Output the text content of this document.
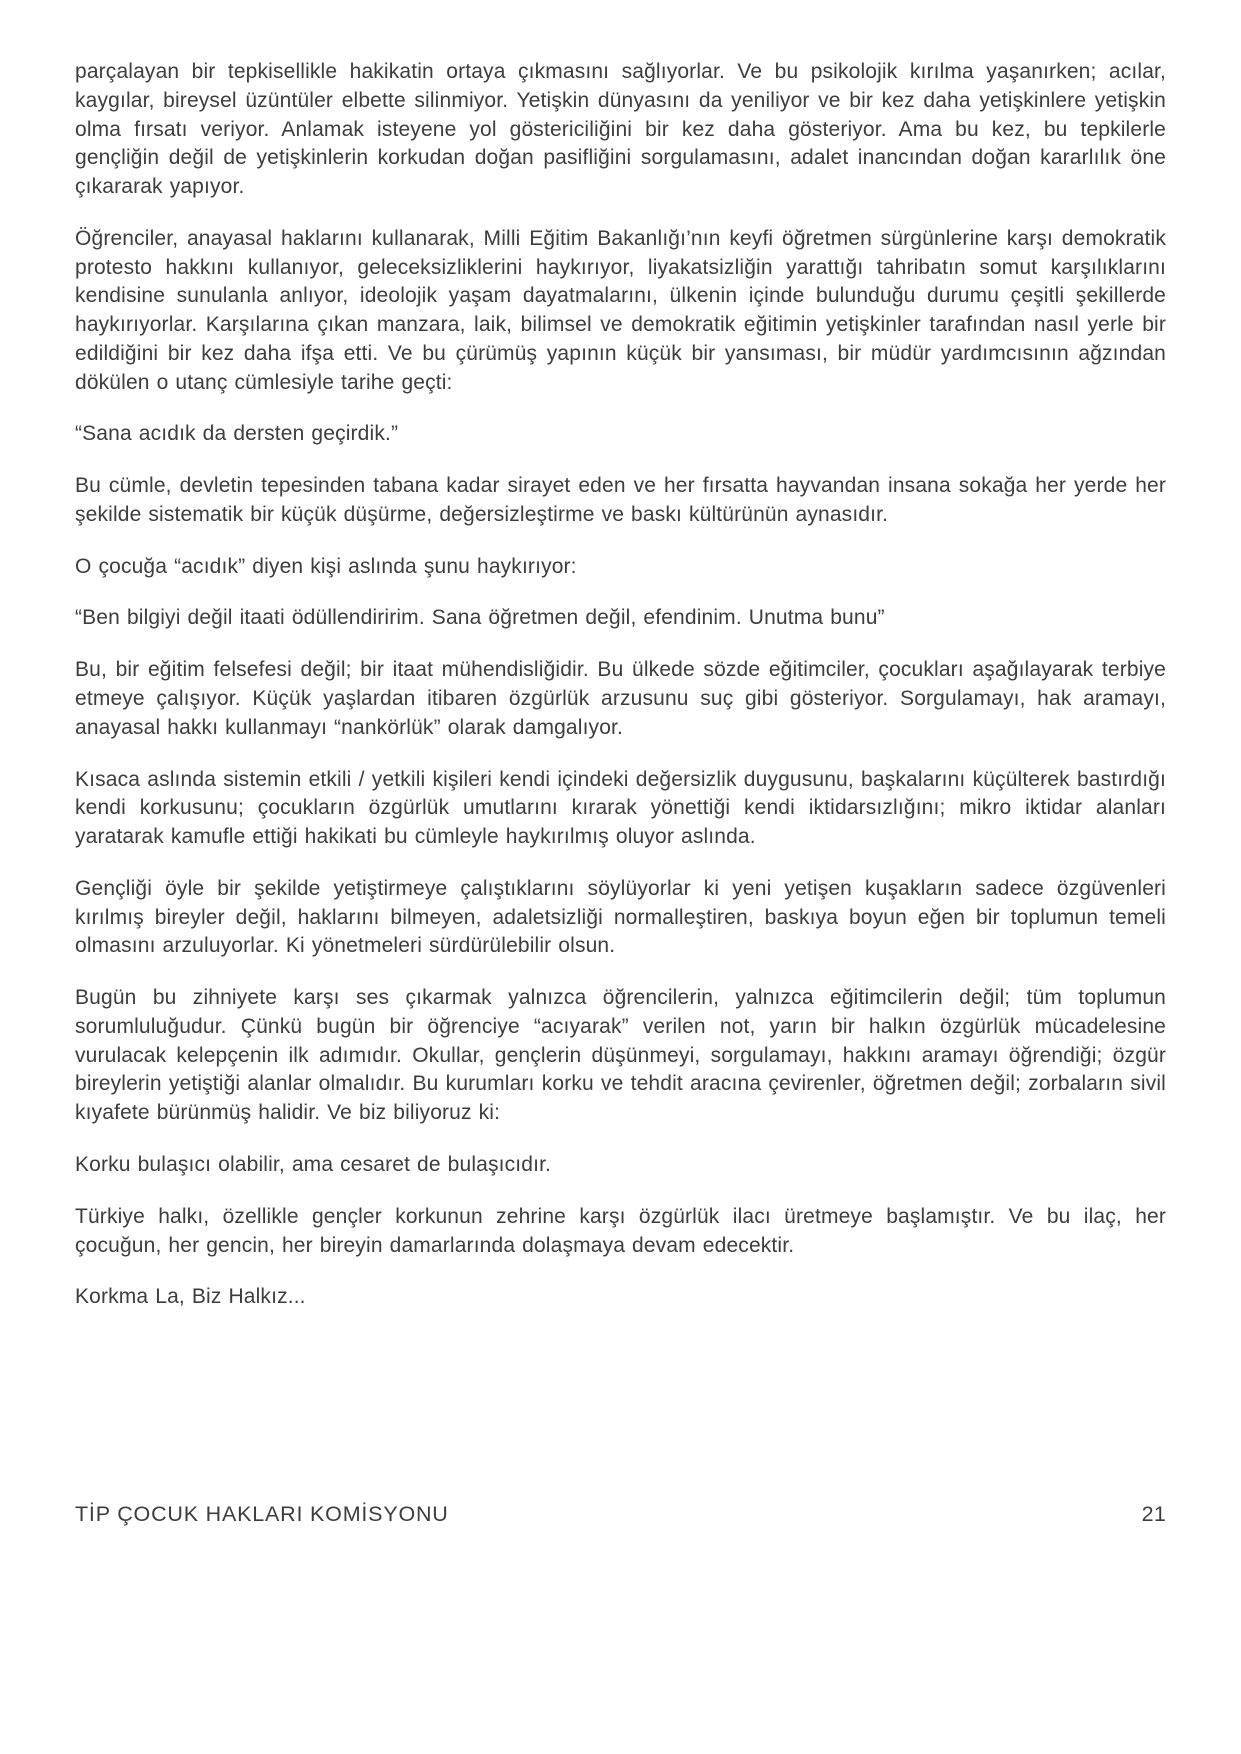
parçalayan bir tepkisellikle hakikatin ortaya çıkmasını sağlıyorlar. Ve bu psikolojik kırılma yaşanırken; acılar, kaygılar, bireysel üzüntüler elbette silinmiyor. Yetişkin dünyasını da yeniliyor ve bir kez daha yetişkinlere yetişkin olma fırsatı veriyor. Anlamak isteyene yol göstericiliğini bir kez daha gösteriyor. Ama bu kez, bu tepkilerle gençliğin değil de yetişkinlerin korkudan doğan pasifliğini sorgulamasını, adalet inancından doğan kararlılık öne çıkararak yapıyor.

Öğrenciler, anayasal haklarını kullanarak, Milli Eğitim Bakanlığı’nın keyfi öğretmen sürgünlerine karşı demokratik protesto hakkını kullanıyor, geleceksizliklerini haykırıyor, liyakatsizliğin yarattığı tahribatın somut karşılıklarını kendisine sunulanla anlıyor, ideolojik yaşam dayatmalarını, ülkenin içinde bulunduğu durumu çeşitli şekillerde haykırıyorlar. Karşılarına çıkan manzara, laik, bilimsel ve demokratik eğitimin yetişkinler tarafından nasıl yerle bir edildiğini bir kez daha ifşa etti. Ve bu çürümüş yapının küçük bir yansıması, bir müdür yardımcısının ağzından dökülen o utanç cümlesiyle tarihe geçti:

“Sana acıdık da dersten geçirdik.”

Bu cümle, devletin tepesinden tabana kadar sirayet eden ve her fırsatta hayvandan insana sokağa her yerde her şekilde sistematik bir küçük düşürme, değersizleştirme ve baskı kültürünün aynasıdır.

O çocuğa “acıdık” diyen kişi aslında şunu haykırıyor:

“Ben bilgiyi değil itaati ödüllendiririm. Sana öğretmen değil, efendinim. Unutma bunu”

Bu, bir eğitim felsefesi değil; bir itaat mühendisliğidir. Bu ülkede sözde eğitimciler, çocukları aşağılayarak terbiye etmeye çalışıyor. Küçük yaşlardan itibaren özgürlük arzusunu suç gibi gösteriyor. Sorgulamayı, hak aramayı, anayasal hakkı kullanmayı “nankörlük” olarak damgalıyor.

Kısaca aslında sistemin etkili / yetkili kişileri kendi içindeki değersizlik duygusunu, başkalarını küçülterek bastırdığı kendi korkusunu; çocukların özgürlük umutlarını kırarak yönettiği kendi iktidarsızlığını; mikro iktidar alanları yaratarak kamufle ettiği hakikati bu cümleyle haykırılmış oluyor aslında.

Gençliği öyle bir şekilde yetiştirmeye çalıştıklarını söylüyorlar ki yeni yetişen kuşakların sadece özgüvenleri kırılmış bireyler değil, haklarını bilmeyen, adaletsizliği normalleştiren, baskıya boyun eğen bir toplumun temeli olmasını arzuluyorlar. Ki yönetmeleri sürdürülebilir olsun.

Bugün bu zihniyete karşı ses çıkarmak yalnızca öğrencilerin, yalnızca eğitimcilerin değil; tüm toplumun sorumluluğudur. Çünkü bugün bir öğrenciye “acıyarak” verilen not, yarın bir halkın özgürlük mücadelesine vurulacak kelepçenin ilk adımıdır. Okullar, gençlerin düşünmeyi, sorgulamayı, hakkını aramayı öğrendiği; özgür bireylerin yetiştiği alanlar olmalıdır. Bu kurumları korku ve tehdit aracına çevirenler, öğretmen değil; zorbaların sivil kıyafete bürünmüş halidir. Ve biz biliyoruz ki:

Korku bulaşıcı olabilir, ama cesaret de bulaşıcıdır.

Türkiye halkı, özellikle gençler korkunun zehrine karşı özgürlük ilacı üretmeye başlamıştır. Ve bu ilaç, her çocuğun, her gencin, her bireyin damarlarında dolaşmaya devam edecektir.

Korkma La, Biz Halkız...

TİP ÇOCUK HAKLARI KOMİSYONU	21
